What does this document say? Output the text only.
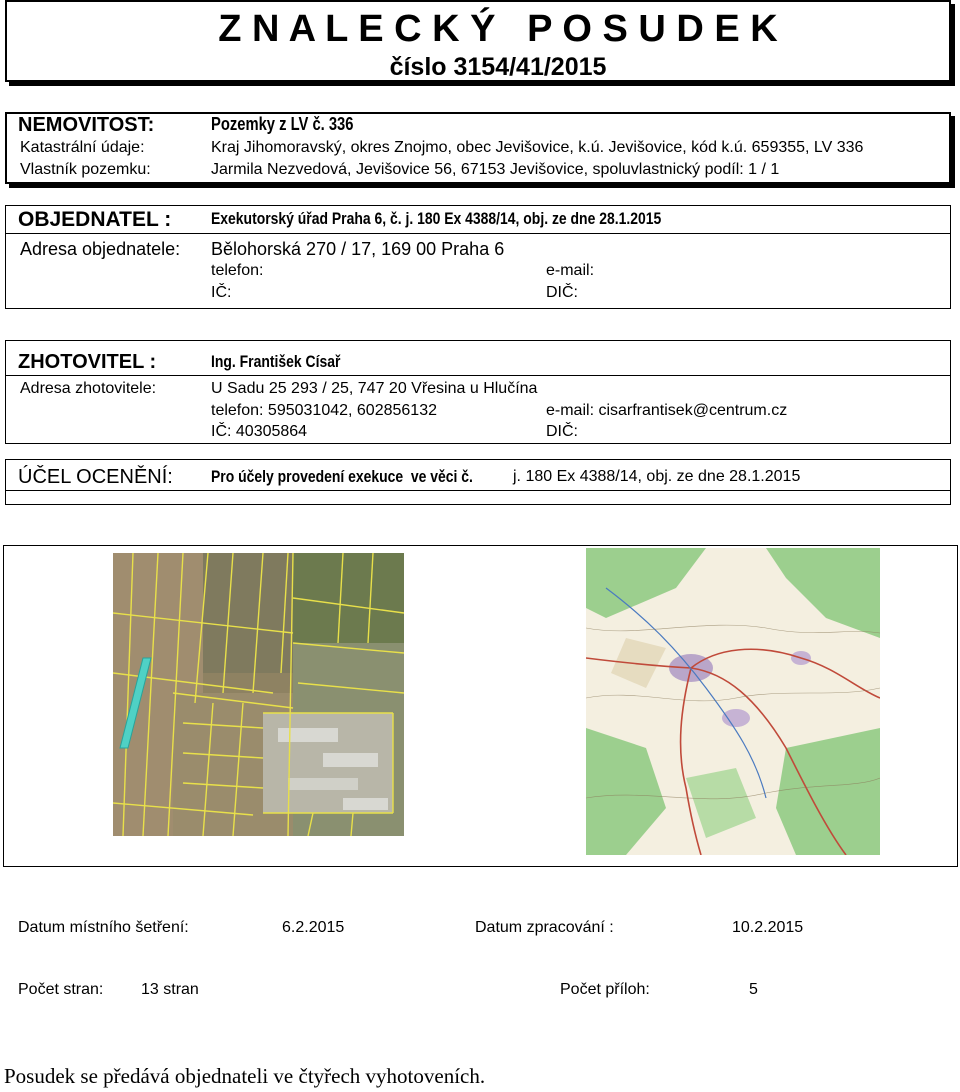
Z N A L E C K Ý   P O S U D E K
číslo 3154/41/2015
NEMOVITOST:	Pozemky z LV č. 336
Katastrální údaje:	Kraj Jihomoravský, okres Znojmo, obec Jevišovice, k.ú. Jevišovice, kód k.ú. 659355, LV 336
Vlastník pozemku:	Jarmila Nezvedová, Jevišovice 56, 67153 Jevišovice, spoluvlastnický podíl: 1 / 1
OBJEDNATEL : Exekutorský úřad Praha 6, č. j. 180 Ex 4388/14, obj. ze dne 28.1.2015
Adresa objednatele: Bělohorská 270 / 17, 169 00 Praha 6
telefon:	e-mail:
IČ:	DIČ:
ZHOTOVITEL :	Ing. František Císař
Adresa zhotovitele:	U Sadu 25 293 / 25, 747 20 Vřesina u Hlučína
telefon: 595031042, 602856132	e-mail: cisarfrantisek@centrum.cz
IČ: 40305864	DIČ:
ÚČEL OCENĚNÍ: Pro účely provedení exekuce  ve věci č.	j. 180 Ex 4388/14, obj. ze dne 28.1.2015
Datum místního šetření:	6.2.2015	Datum zpracování :	10.2.2015
Počet stran: 13 stran	Počet příloh:	5
Posudek se předává objednateli ve čtyřech vyhotoveních.
